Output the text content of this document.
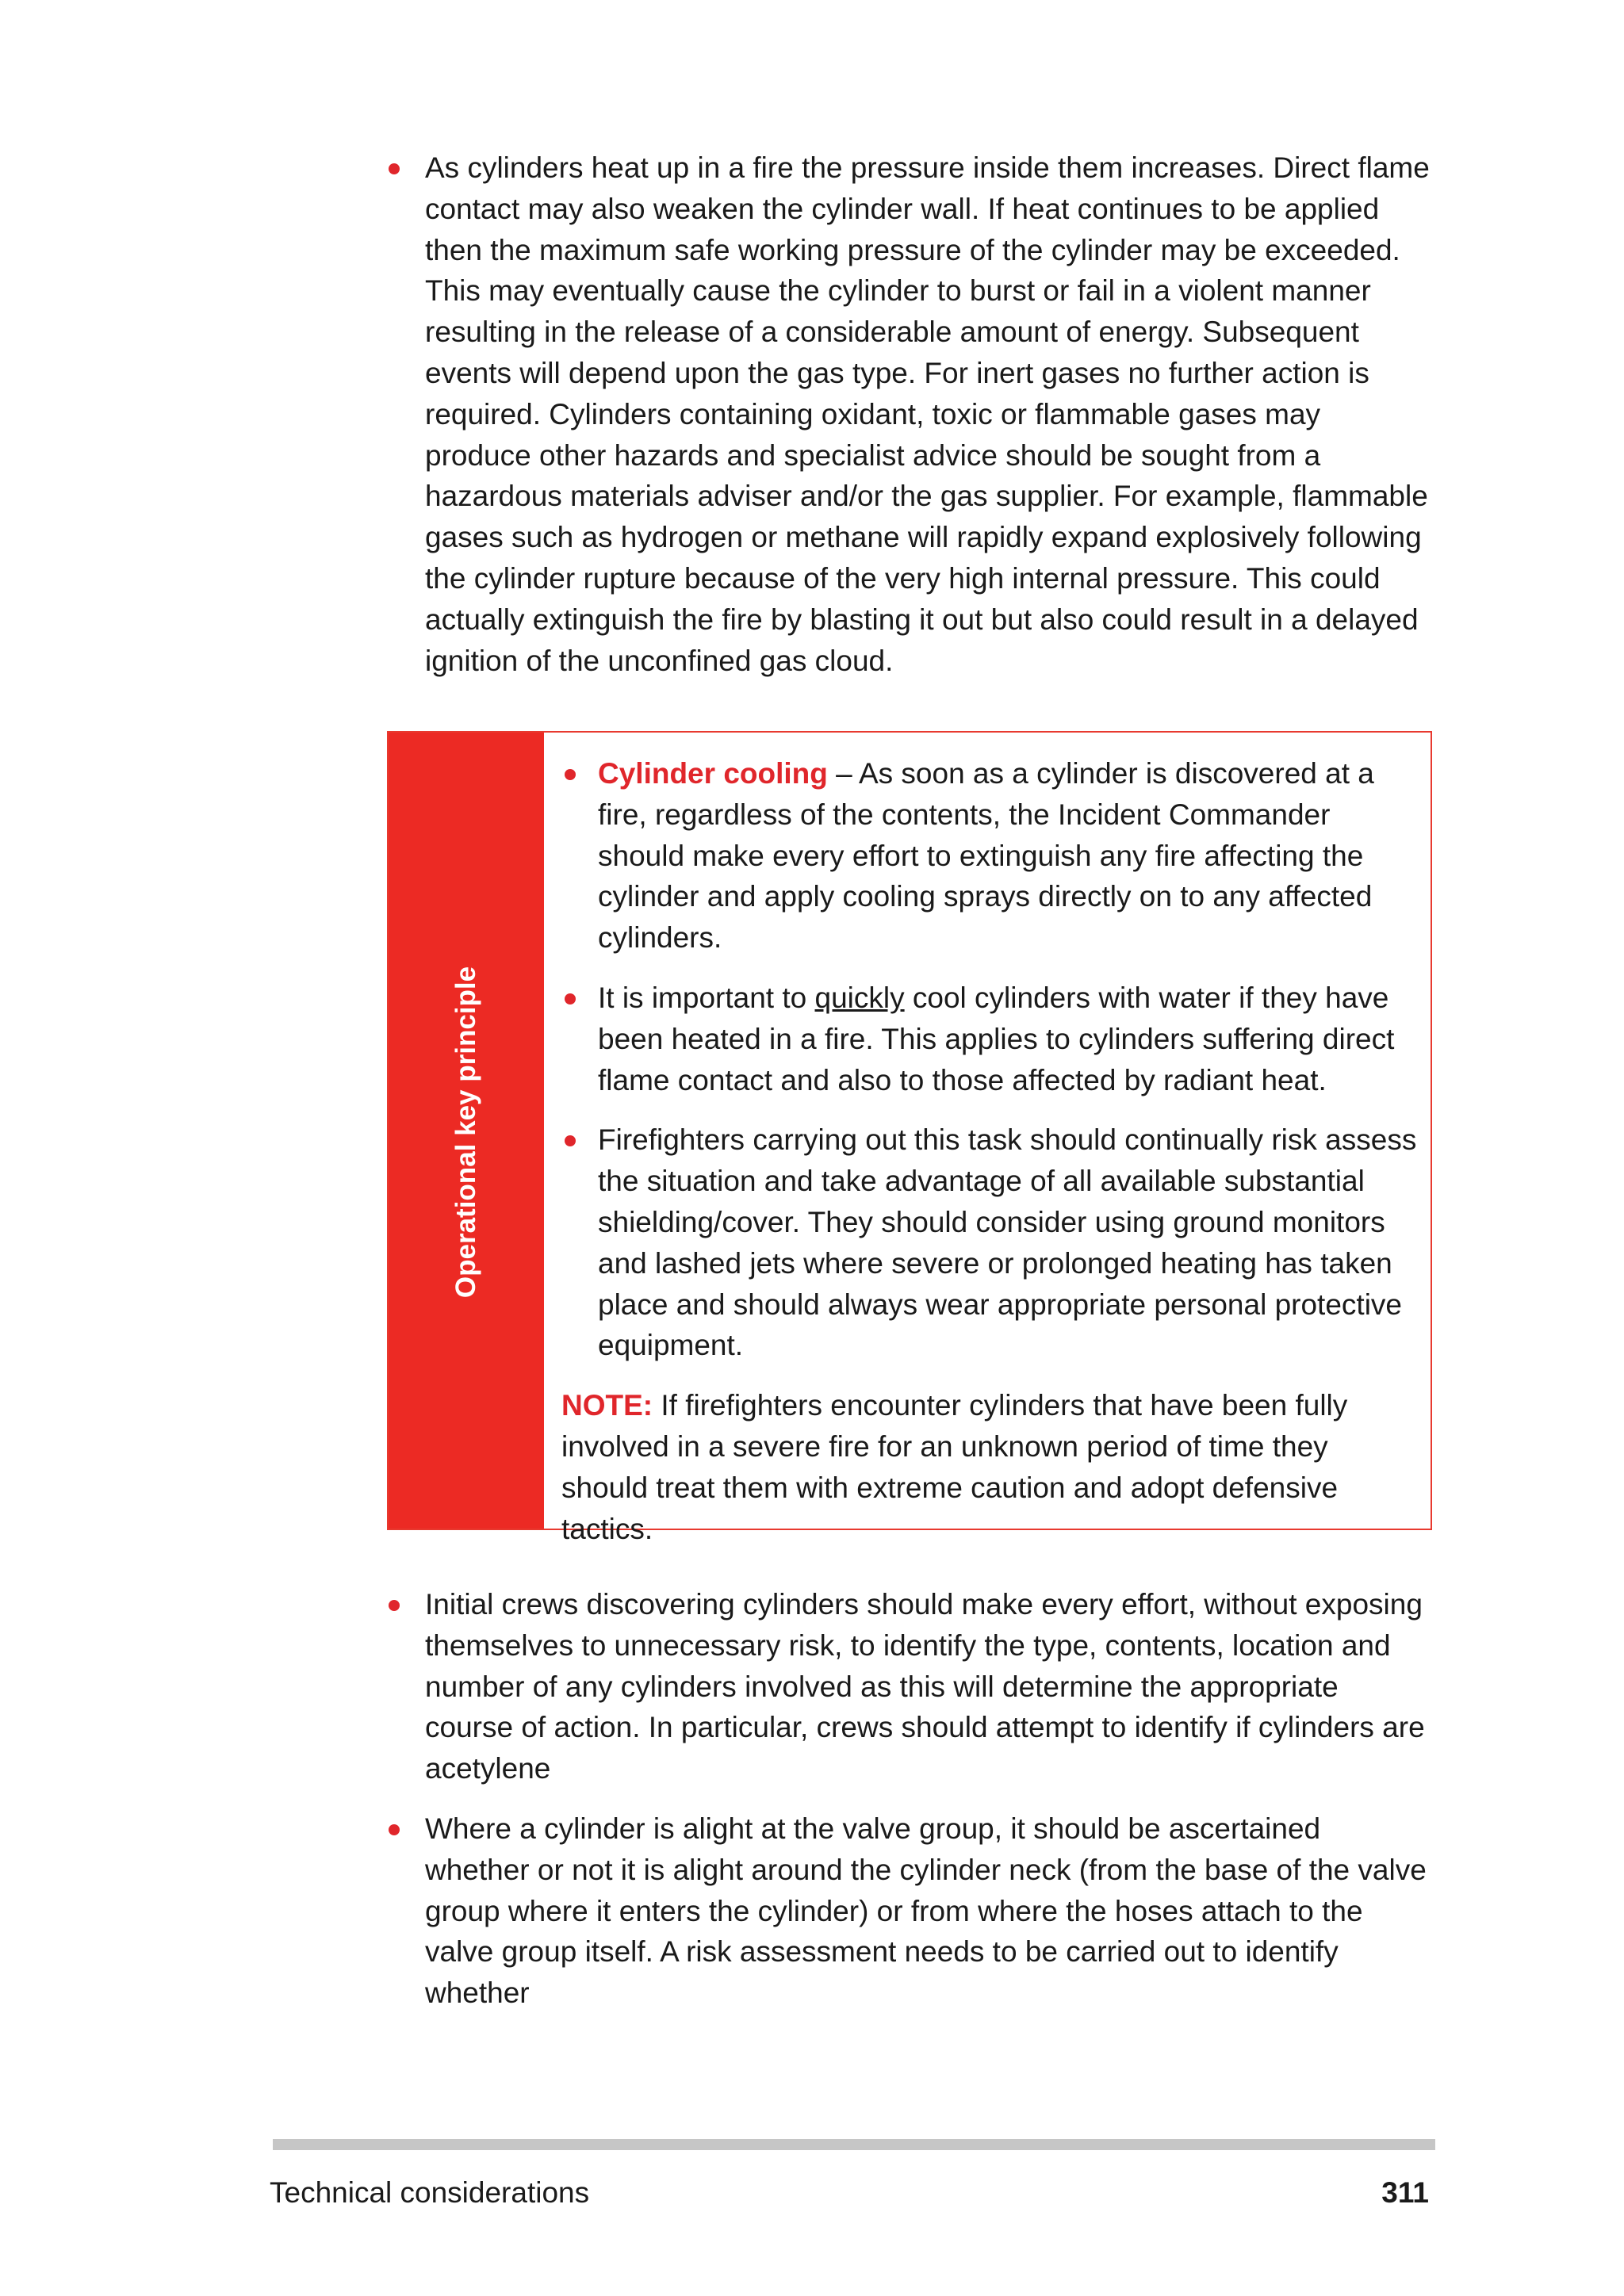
As cylinders heat up in a fire the pressure inside them increases. Direct flame contact may also weaken the cylinder wall. If heat continues to be applied then the maximum safe working pressure of the cylinder may be exceeded. This may eventually cause the cylinder to burst or fail in a violent manner resulting in the release of a considerable amount of energy. Subsequent events will depend upon the gas type. For inert gases no further action is required. Cylinders containing oxidant, toxic or flammable gases may produce other hazards and specialist advice should be sought from a hazardous materials adviser and/or the gas supplier. For example, flammable gases such as hydrogen or methane will rapidly expand explosively following the cylinder rupture because of the very high internal pressure. This could actually extinguish the fire by blasting it out but also could result in a delayed ignition of the unconfined gas cloud.
Operational key principle
Cylinder cooling – As soon as a cylinder is discovered at a fire, regardless of the contents, the Incident Commander should make every effort to extinguish any fire affecting the cylinder and apply cooling sprays directly on to any affected cylinders.
It is important to quickly cool cylinders with water if they have been heated in a fire. This applies to cylinders suffering direct flame contact and also to those affected by radiant heat.
Firefighters carrying out this task should continually risk assess the situation and take advantage of all available substantial shielding/cover. They should consider using ground monitors and lashed jets where severe or prolonged heating has taken place and should always wear appropriate personal protective equipment.

NOTE: If firefighters encounter cylinders that have been fully involved in a severe fire for an unknown period of time they should treat them with extreme caution and adopt defensive tactics.

Initial crews discovering cylinders should make every effort, without exposing themselves to unnecessary risk, to identify the type, contents, location and number of any cylinders involved as this will determine the appropriate course of action. In particular, crews should attempt to identify if cylinders are acetylene
Where a cylinder is alight at the valve group, it should be ascertained whether or not it is alight around the cylinder neck (from the base of the valve group where it enters the cylinder) or from where the hoses attach to the valve group itself. A risk assessment needs to be carried out to identify whether
Technical considerations	311
